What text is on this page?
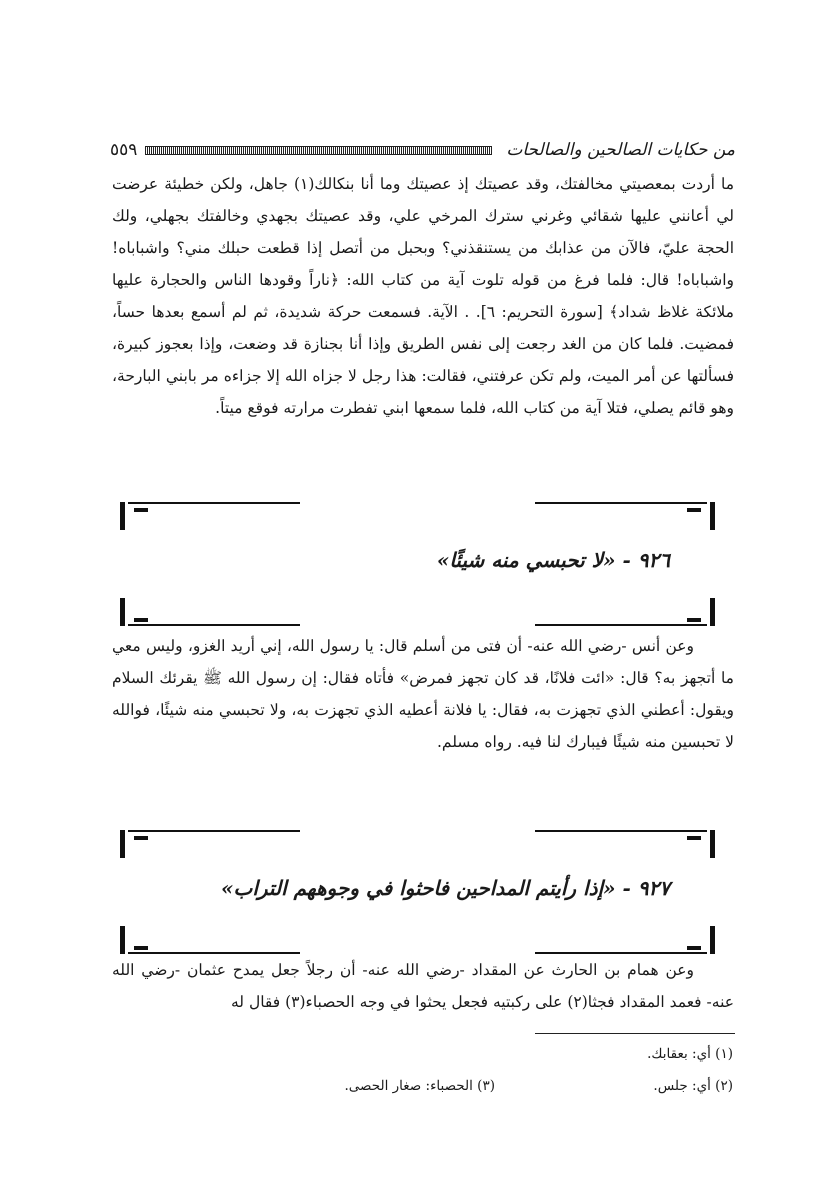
من حكايات الصالحين والصالحات
٥٥٩

ما أردت بمعصيتي مخالفتك، وقد عصيتك إذ عصيتك وما أنا بنكالك(١) جاهل، ولكن خطيئة عرضت لي أعانني عليها شقائي وغرني سترك المرخي علي، وقد عصيتك بجهدي وخالفتك بجهلي، ولك الحجة عليّ، فالآن من عذابك من يستنقذني؟ وبحبل من أتصل إذا قطعت حبلك مني؟ واشباباه! واشباباه! قال: فلما فرغ من قوله تلوت آية من كتاب الله: ﴿ناراً وقودها الناس والحجارة عليها ملائكة غلاظ شداد﴾ [سورة التحريم: ٦]. . الآية. فسمعت حركة شديدة، ثم لم أسمع بعدها حساً، فمضيت. فلما كان من الغد رجعت إلى نفس الطريق وإذا أنا بجنازة قد وضعت، وإذا بعجوز كبيرة، فسألتها عن أمر الميت، ولم تكن عرفتني، فقالت: هذا رجل لا جزاه الله إلا جزاءه مر بابني البارحة، وهو قائم يصلي، فتلا آية من كتاب الله، فلما سمعها ابني تفطرت مرارته فوقع ميتاً.

٩٢٦ - «لا تحبسي منه شيئًا»

وعن أنس -رضي الله عنه- أن فتى من أسلم قال: يا رسول الله، إني أريد الغزو، وليس معي ما أتجهز به؟ قال: «ائت فلانًا، قد كان تجهز فمرض» فأتاه فقال: إن رسول الله ﷺ يقرئك السلام ويقول: أعطني الذي تجهزت به، فقال: يا فلانة أعطيه الذي تجهزت به، ولا تحبسي منه شيئًا، فوالله لا تحبسين منه شيئًا فيبارك لنا فيه. رواه مسلم.

٩٢٧ - «إذا رأيتم المداحين فاحثوا في وجوههم التراب»

وعن همام بن الحارث عن المقداد -رضي الله عنه- أن رجلاً جعل يمدح عثمان -رضي الله عنه- فعمد المقداد فجثا(٢) على ركبتيه فجعل يحثوا في وجه الحصباء(٣) فقال له

(١) أي: بعقابك.
(٢) أي: جلس.
(٣) الحصباء: صغار الحصى.
